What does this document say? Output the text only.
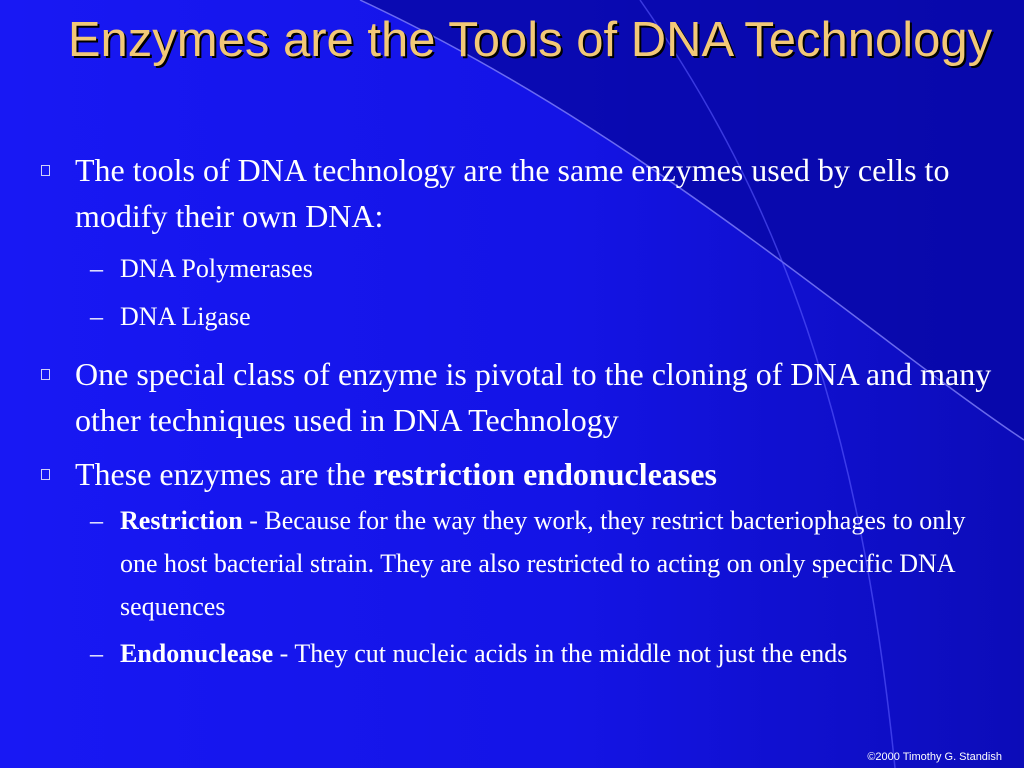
Enzymes are the Tools of DNA Technology
The tools of DNA technology are the same enzymes used by cells to modify their own DNA:
– DNA Polymerases
– DNA Ligase
One special class of enzyme is pivotal to the cloning of DNA and many other techniques used in DNA Technology
These enzymes are the restriction endonucleases
– Restriction - Because for the way they work, they restrict bacteriophages to only one host bacterial strain. They are also restricted to acting on only specific DNA sequences
– Endonuclease - They cut nucleic acids in the middle not just the ends
©2000 Timothy G. Standish
